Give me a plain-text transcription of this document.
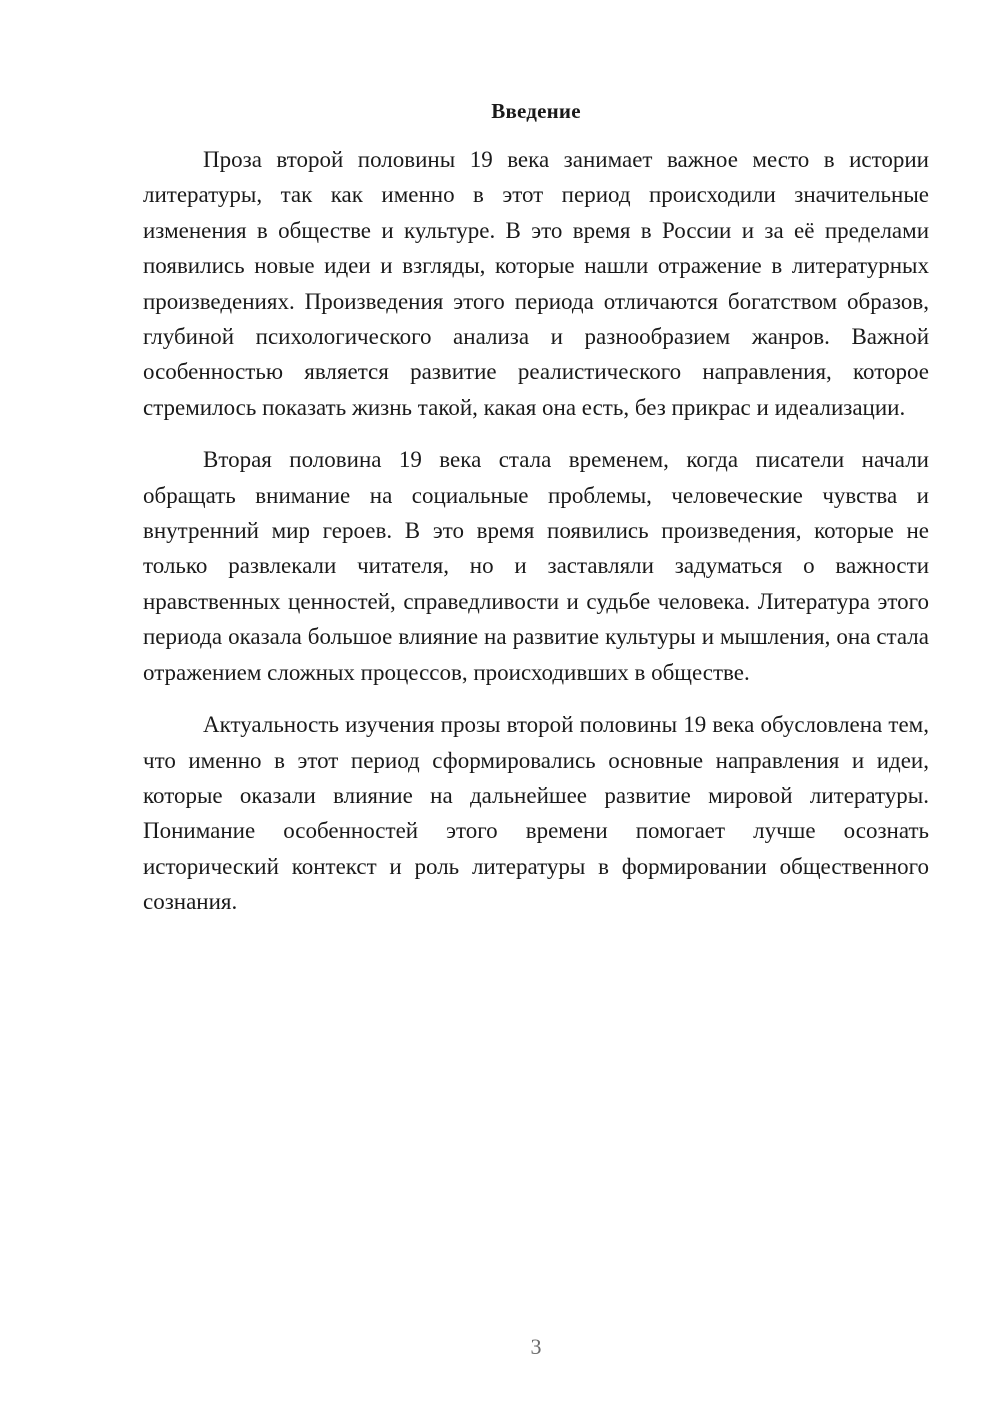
Введение

Проза второй половины 19 века занимает важное место в истории литературы, так как именно в этот период происходили значительные изменения в обществе и культуре. В это время в России и за её пределами появились новые идеи и взгляды, которые нашли отражение в литературных произведениях. Произведения этого периода отличаются богатством образов, глубиной психологического анализа и разнообразием жанров. Важной особенностью является развитие реалистического направления, которое стремилось показать жизнь такой, какая она есть, без прикрас и идеализации.

Вторая половина 19 века стала временем, когда писатели начали обращать внимание на социальные проблемы, человеческие чувства и внутренний мир героев. В это время появились произведения, которые не только развлекали читателя, но и заставляли задуматься о важности нравственных ценностей, справедливости и судьбе человека. Литература этого периода оказала большое влияние на развитие культуры и мышления, она стала отражением сложных процессов, происходивших в обществе.

Актуальность изучения прозы второй половины 19 века обусловлена тем, что именно в этот период сформировались основные направления и идеи, которые оказали влияние на дальнейшее развитие мировой литературы. Понимание особенностей этого времени помогает лучше осознать исторический контекст и роль литературы в формировании общественного сознания.

3
